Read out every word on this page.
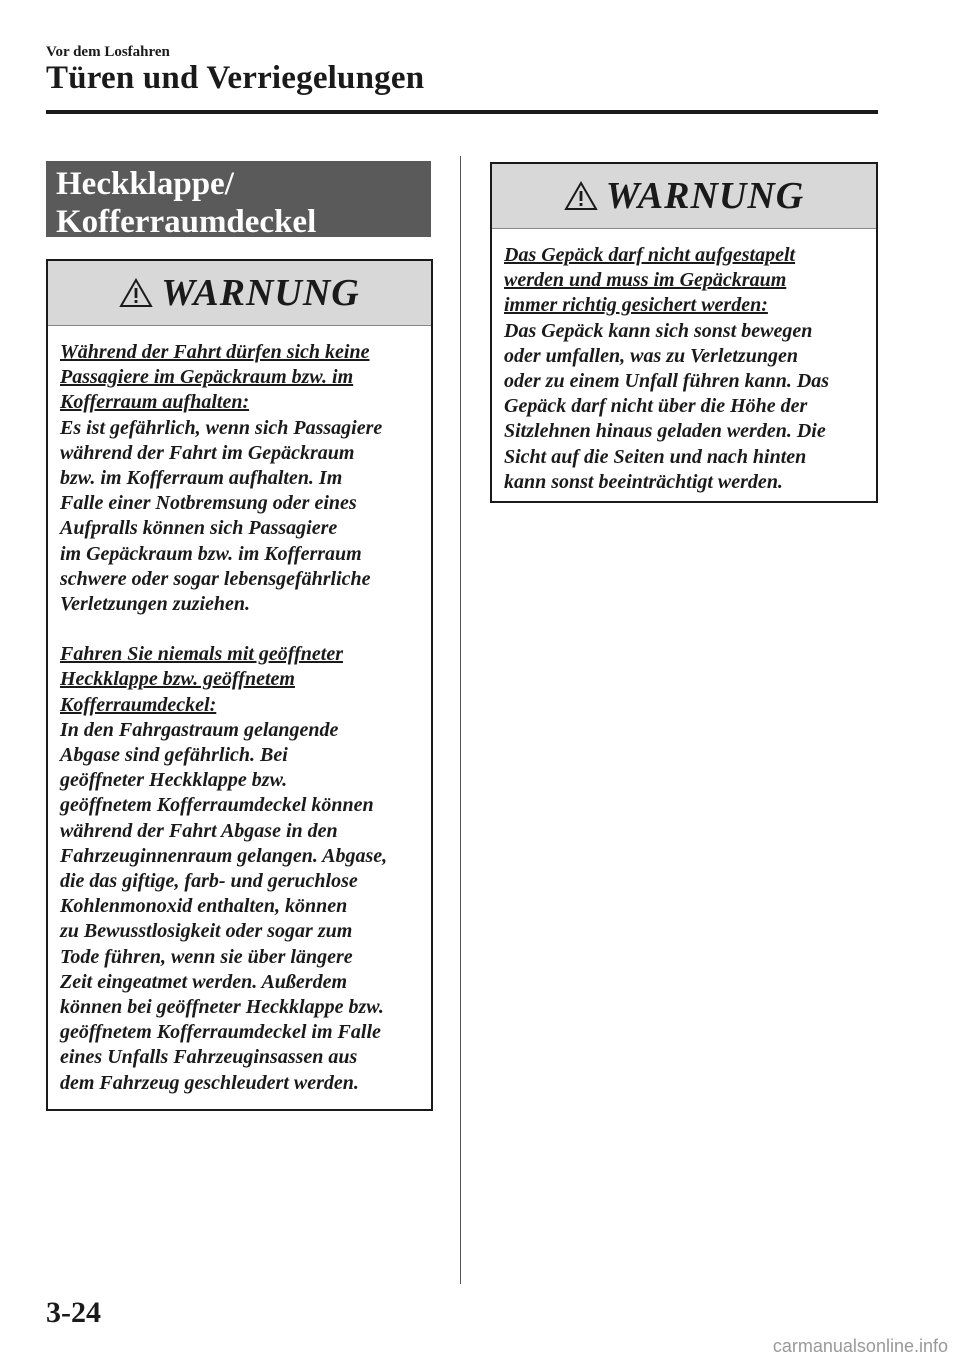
Vor dem Losfahren
Türen und Verriegelungen
Heckklappe/
Kofferraumdeckel
WARNUNG

Während der Fahrt dürfen sich keine

Passagiere im Gepäckraum bzw. im

Kofferraum aufhalten:

Es ist gefährlich, wenn sich Passagiere

während der Fahrt im Gepäckraum

bzw. im Kofferraum aufhalten. Im

Falle einer Notbremsung oder eines

Aufpralls können sich Passagiere

im Gepäckraum bzw. im Kofferraum

schwere oder sogar lebensgefährliche

Verletzungen zuziehen.

Fahren Sie niemals mit geöffneter

Heckklappe bzw. geöffnetem

Kofferraumdeckel:

In den Fahrgastraum gelangende

Abgase sind gefährlich. Bei

geöffneter Heckklappe bzw.

geöffnetem Kofferraumdeckel können

während der Fahrt Abgase in den

Fahrzeuginnenraum gelangen. Abgase,

die das giftige, farb- und geruchlose

Kohlenmonoxid enthalten, können

zu Bewusstlosigkeit oder sogar zum

Tode führen, wenn sie über längere

Zeit eingeatmet werden. Außerdem

können bei geöffneter Heckklappe bzw.

geöffnetem Kofferraumdeckel im Falle

eines Unfalls Fahrzeuginsassen aus

dem Fahrzeug geschleudert werden.

WARNUNG

Das Gepäck darf nicht aufgestapelt

werden und muss im Gepäckraum

immer richtig gesichert werden:

Das Gepäck kann sich sonst bewegen

oder umfallen, was zu Verletzungen

oder zu einem Unfall führen kann. Das

Gepäck darf nicht über die Höhe der

Sitzlehnen hinaus geladen werden. Die

Sicht auf die Seiten und nach hinten

kann sonst beeinträchtigt werden.

3-24
carmanualsonline.info
